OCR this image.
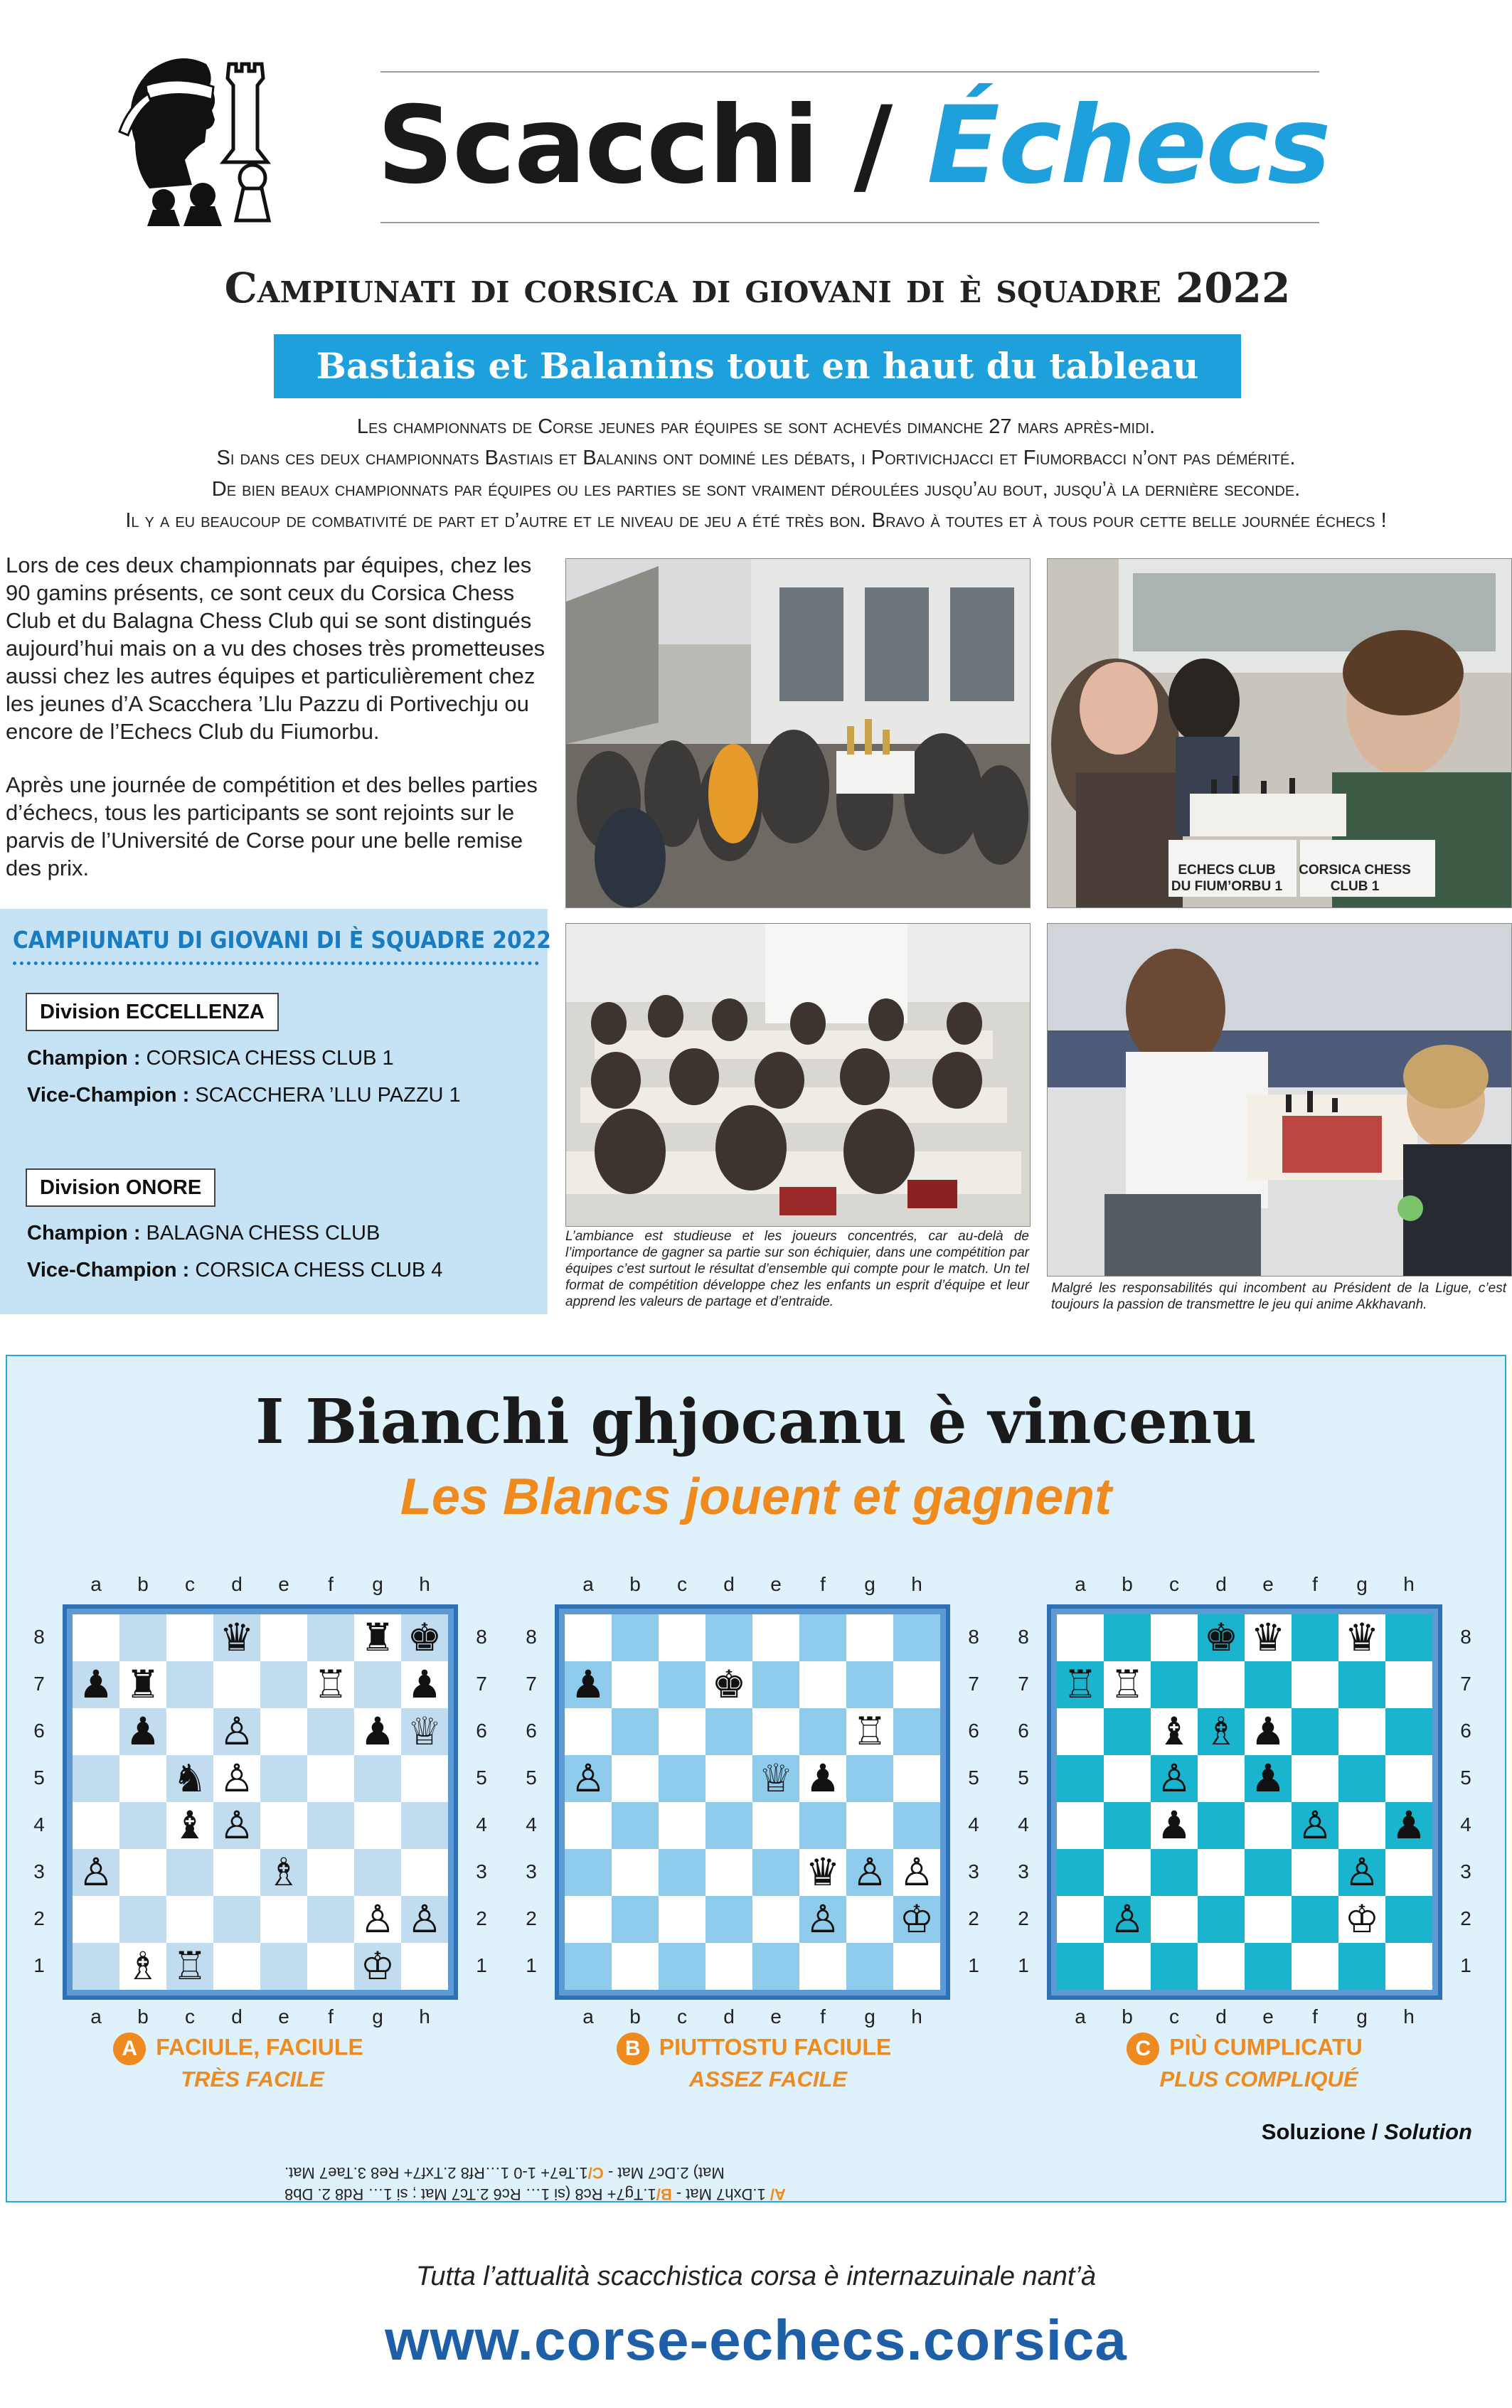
Scacchi / Échecs
Campiunati di corsica di giovani di è squadre 2022
Bastiais et Balanins tout en haut du tableau
Les championnats de Corse jeunes par équipes se sont achevés dimanche 27 mars après-midi.
Si dans ces deux championnats Bastiais et Balanins ont dominé les débats, i Portivichjacci et Fiumorbacci n’ont pas démérité.
De bien beaux championnats par équipes ou les parties se sont vraiment déroulées jusqu’au bout, jusqu’à la dernière seconde.
Il y a eu beaucoup de combativité de part et d’autre et le niveau de jeu a été très bon. Bravo à toutes et à tous pour cette belle journée échecs !

Lors de ces deux championnats par équipes, chez les 90 gamins présents, ce sont ceux du Corsica Chess Club et du Balagna Chess Club qui se sont distingués aujourd’hui mais on a vu des choses très prometteuses aussi chez les autres équipes et particulièrement chez les jeunes d’A Scacchera ’Llu Pazzu di Portivechju ou encore de l’Echecs Club du Fiumorbu.

Après une journée de compétition et des belles parties d’échecs, tous les participants se sont rejoints sur le parvis de l’Université de Corse pour une belle remise des prix.

CAMPIUNATU DI GIOVANI DI È SQUADRE 2022
Division ECCELLENZA
Champion : CORSICA CHESS CLUB 1
Vice-Champion : SCACCHERA ’LLU PAZZU 1
Division ONORE
Champion : BALAGNA CHESS CLUB
Vice-Champion : CORSICA CHESS CLUB 4
ECHECS CLUB DU FIUM’ORBU 1
CORSICA CHESS CLUB 1
L’ambiance est studieuse et les joueurs concentrés, car au-delà de l’importance de gagner sa partie sur son échiquier, dans une compétition par équipes c’est surtout le résultat d’ensemble qui compte pour le match. Un tel format de compétition développe chez les enfants un esprit d’équipe et leur apprend les valeurs de partage et d’entraide.
Malgré les responsabilités qui incombent au Président de la Ligue, c’est toujours la passion de transmettre le jeu qui anime Akkhavanh.
I Bianchi ghjocanu è vincenu
Les Blancs jouent et gagnent
♛	♜ ♚
♟ ♜	♖ ♟
♟ ♙	♟ ♕
♞ ♙
♝ ♙
♙	♗
♙ ♙
♗ ♖	♔
a
a
b
b
c
c
d
d
e
e
f
f
g
g
h
h
8	8
7	7
6	6
5	5
4	4
3	3
2	2
1	1
♟	♚
♖
♙	♕ ♟
♛ ♙ ♙
♙ ♔
a
a
b
b
c
c
d
d
e
e
f
f
g
g
h
h
8	8
7	7
6	6
5	5
4	4
3	3
2	2
1	1
♚ ♛ ♛
♖ ♖
♝ ♗ ♟
♙ ♟
♟	♙ ♟
♙
♙	♔
a
a
b
b
c
c
d
d
e
e
f
f
g
g
h
h
8	8
7	7
6	6
5	5
4	4
3	3
2	2
1	1
A FACIULE, FACIULE
TRÈS FACILE
B PIUTTOSTU FACIULE
ASSEZ FACILE
C PIÙ CUMPLICATU
PLUS COMPLIQUÉ
Soluzione / Solution
A/ 1.Dxh7 Mat - B/1.Tg7+ Rc8 (si 1… Rc6 2.Tc7 Mat ; si 1… Rd8 2. Db8
Mat) 2.Dc7 Mat - C/1.Te7+ 1-0 1…Rf8 2.Txf7+ Re8 3.Tae7 Mat.
Tutta l’attualità scacchistica corsa è internazuinale nant’à
www.corse-echecs.corsica
